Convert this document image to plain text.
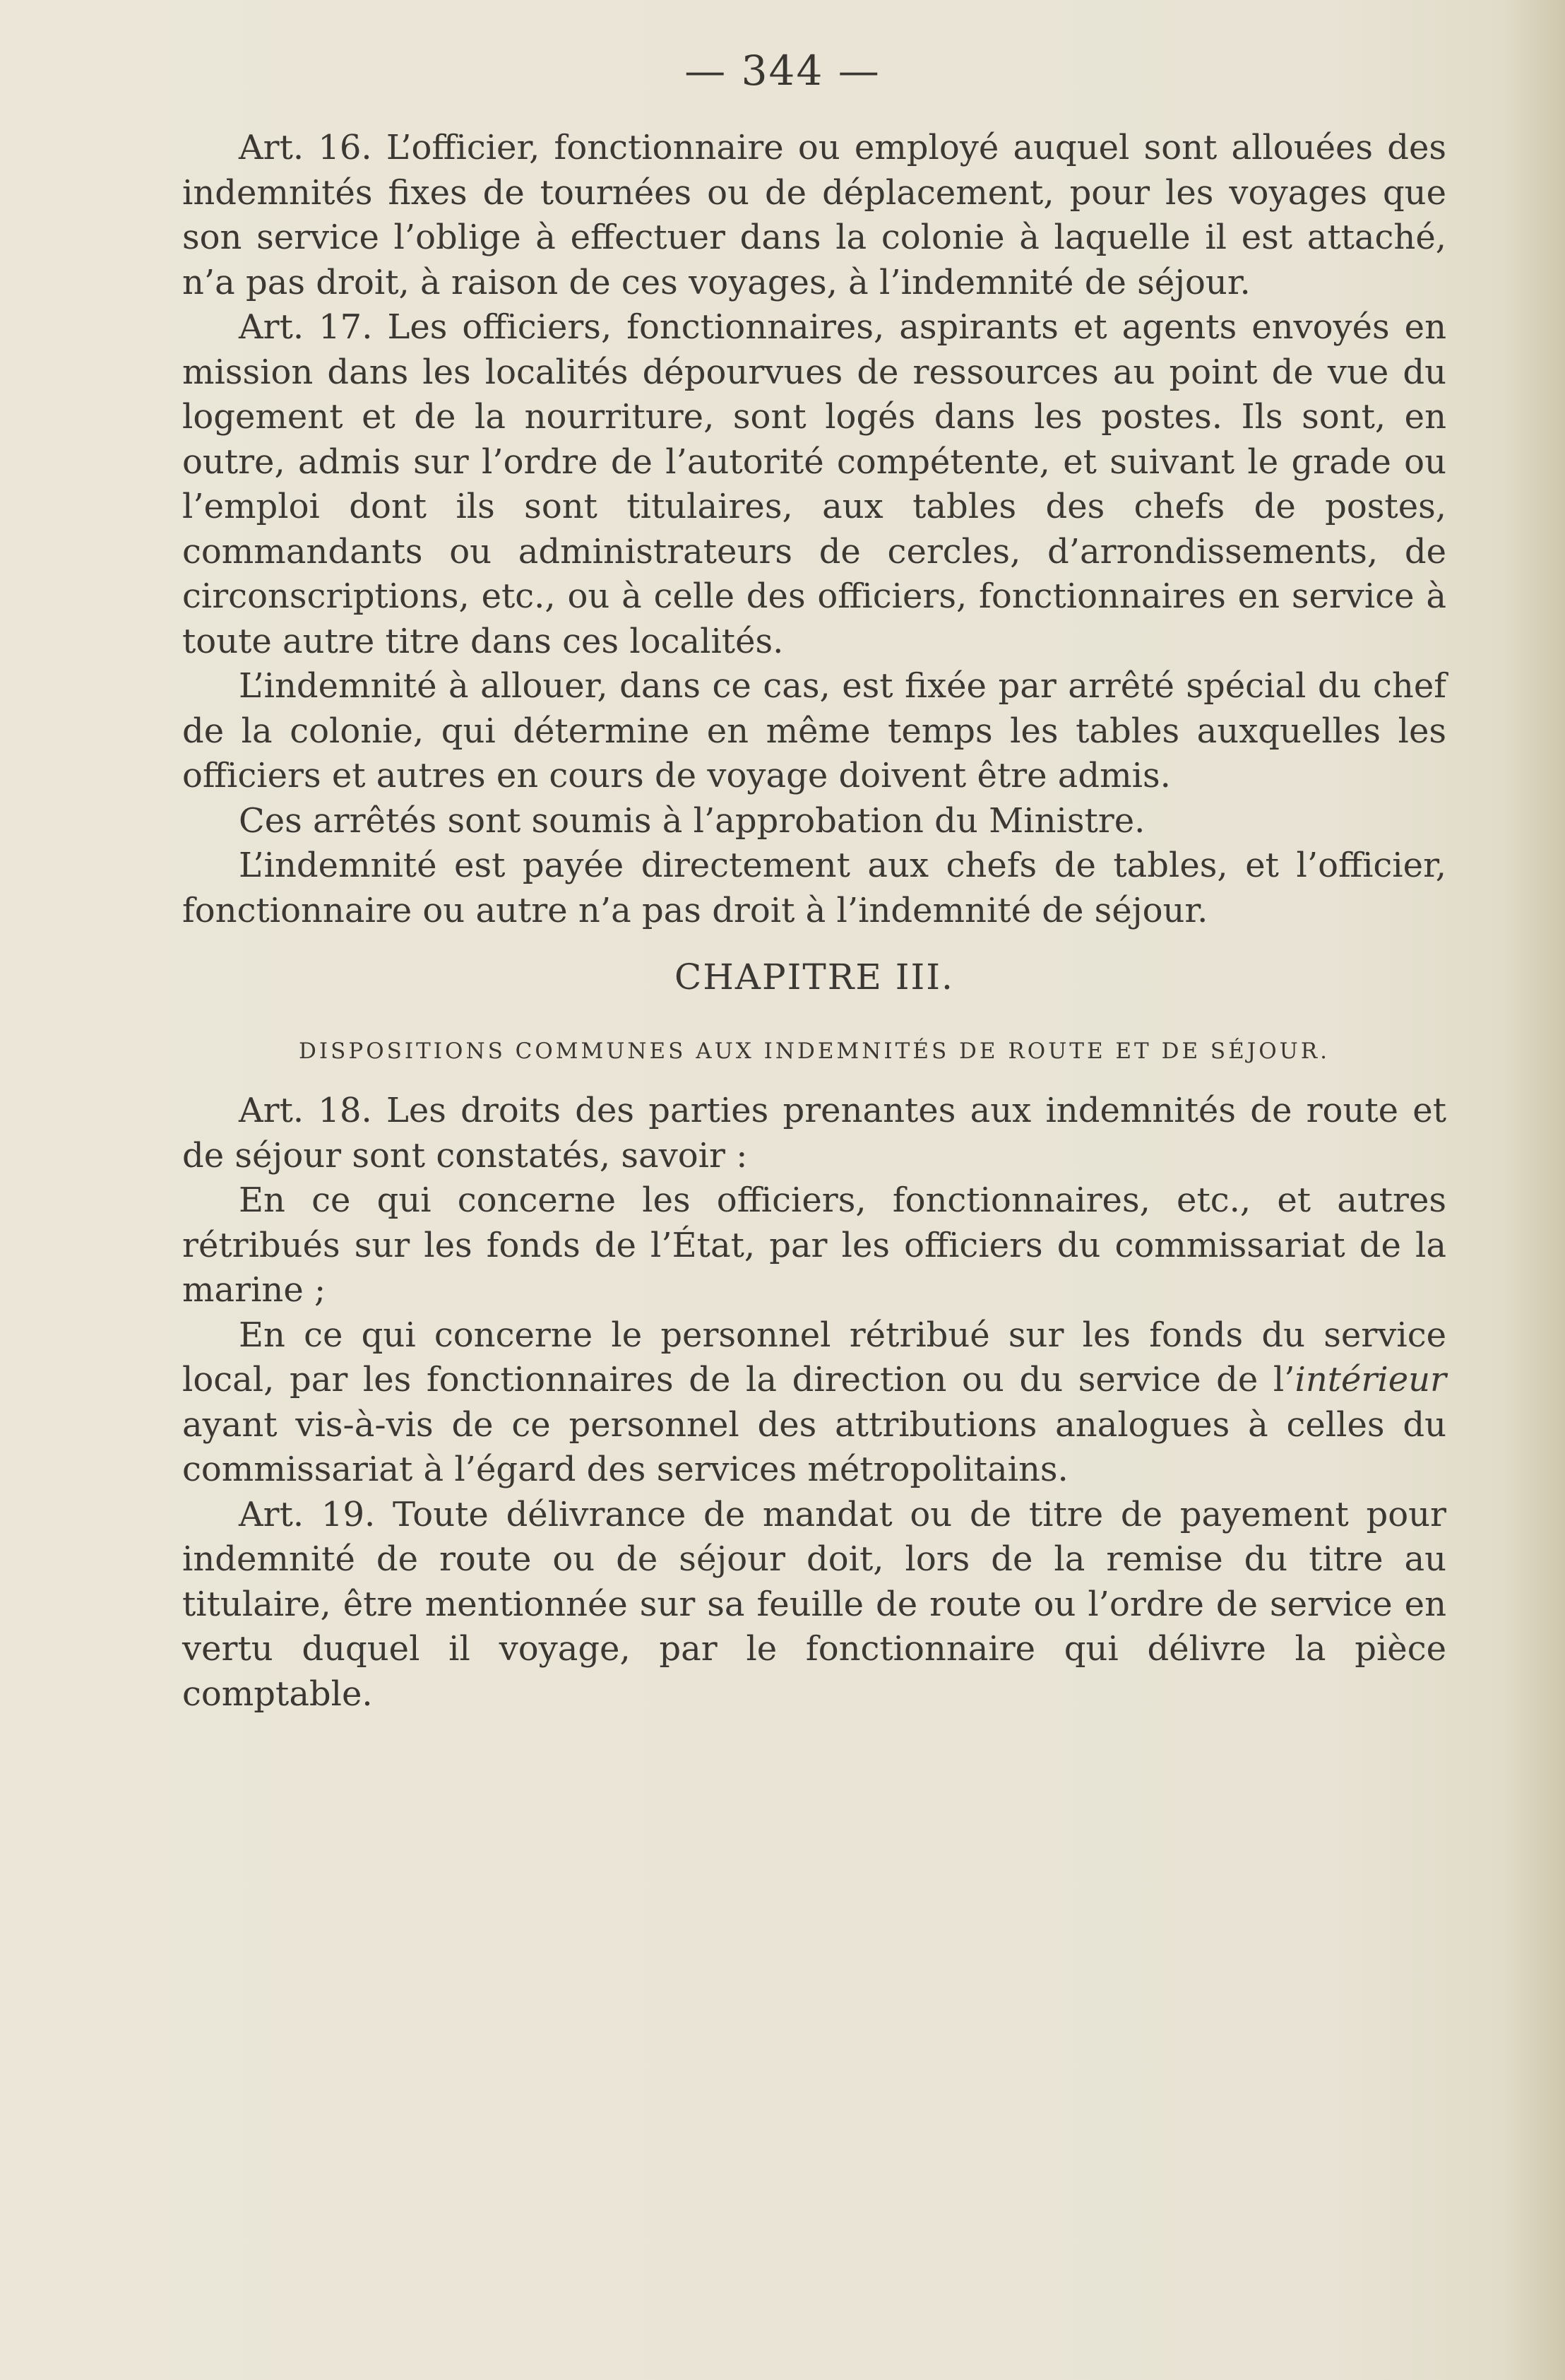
— 344 —

Art. 16. L’officier, fonctionnaire ou employé auquel sont allouées des indemnités fixes de tournées ou de déplacement, pour les voyages que son service l’oblige à effectuer dans la colonie à laquelle il est attaché, n’a pas droit, à raison de ces voyages, à l’indemnité de séjour.

Art. 17. Les officiers, fonctionnaires, aspirants et agents envoyés en mission dans les localités dépourvues de ressources au point de vue du logement et de la nourriture, sont logés dans les postes. Ils sont, en outre, admis sur l’ordre de l’autorité compétente, et suivant le grade ou l’emploi dont ils sont titulaires, aux tables des chefs de postes, commandants ou administrateurs de cercles, d’arrondissements, de circonscriptions, etc., ou à celle des officiers, fonctionnaires en service à toute autre titre dans ces localités.

L’indemnité à allouer, dans ce cas, est fixée par arrêté spécial du chef de la colonie, qui détermine en même temps les tables auxquelles les officiers et autres en cours de voyage doivent être admis.

Ces arrêtés sont soumis à l’approbation du Ministre.

L’indemnité est payée directement aux chefs de tables, et l’officier, fonctionnaire ou autre n’a pas droit à l’indemnité de séjour.

CHAPITRE III.
DISPOSITIONS COMMUNES AUX INDEMNITÉS DE ROUTE ET DE SÉJOUR.

Art. 18. Les droits des parties prenantes aux indemnités de route et de séjour sont constatés, savoir :

En ce qui concerne les officiers, fonctionnaires, etc., et autres rétribués sur les fonds de l’État, par les officiers du commissariat de la marine ;

En ce qui concerne le personnel rétribué sur les fonds du service local, par les fonctionnaires de la direction ou du service de l’intérieur ayant vis-à-vis de ce personnel des attributions analogues à celles du commissariat à l’égard des services métropolitains.

Art. 19. Toute délivrance de mandat ou de titre de payement pour indemnité de route ou de séjour doit, lors de la remise du titre au titulaire, être mentionnée sur sa feuille de route ou l’ordre de service en vertu duquel il voyage, par le fonctionnaire qui délivre la pièce comptable.
